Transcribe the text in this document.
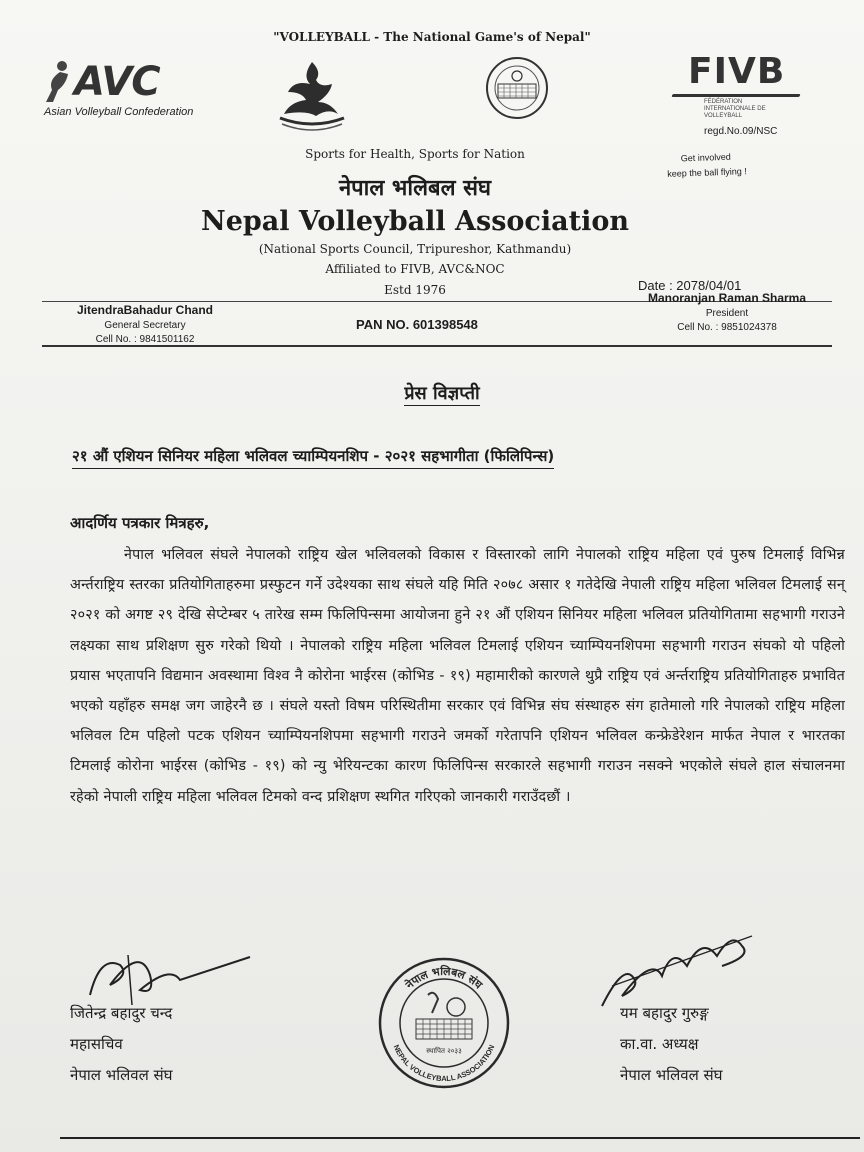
"VOLLEYBALL - The National Game's of Nepal"
AVC
Asian Volleyball Confederation
FIVB
FÉDÉRATION INTERNATIONALE DE VOLLEYBALL
regd.No.09/NSC
Get involved
keep the ball flying !
Sports for Health, Sports for Nation
नेपाल भलिबल संघ
Nepal Volleyball Association
(National Sports Council, Tripureshor, Kathmandu)
Affiliated to FIVB, AVC&NOC
Estd 1976	Date : 2078/04/01
JitendraBahadur Chand
General Secretary
Cell No. : 9841501162
PAN NO. 601398548
Manoranjan Raman Sharma
President
Cell No. : 9851024378
प्रेस विज्ञप्ती
२१ औं एशियन सिनियर महिला भलिवल च्याम्पियनशिप - २०२१ सहभागीता (फिलिपिन्स)
आदर्णिय पत्रकार मित्रहरु,
नेपाल भलिवल संघले नेपालको राष्ट्रिय खेल भलिवलको विकास र विस्तारको लागि नेपालको राष्ट्रिय महिला एवं पुरुष टिमलाई विभिन्न अर्न्तराष्ट्रिय स्तरका प्रतियोगिताहरुमा प्रस्फुटन गर्ने उदेश्यका साथ संघले यहि मिति २०७८ असार १ गतेदेखि नेपाली राष्ट्रिय महिला भलिवल टिमलाई सन् २०२१ को अगष्ट २९ देखि सेप्टेम्बर ५ तारेख सम्म फिलिपिन्समा आयोजना हुने २१ औं एशियन सिनियर महिला भलिवल प्रतियोगितामा सहभागी गराउने लक्ष्यका साथ प्रशिक्षण सुरु गरेको थियो । नेपालको राष्ट्रिय महिला भलिवल टिमलाई एशियन च्याम्पियनशिपमा सहभागी गराउन संघको यो पहिलो प्रयास भएतापनि विद्यमान अवस्थामा विश्व नै कोरोना भाईरस (कोभिड - १९) महामारीको कारणले थुप्रै राष्ट्रिय एवं अर्न्तराष्ट्रिय प्रतियोगिताहरु प्रभावित भएको यहाँहरु समक्ष जग जाहेरनै छ । संघले यस्तो विषम परिस्थितीमा सरकार एवं विभिन्न संघ संस्थाहरु संग हातेमालो गरि नेपालको राष्ट्रिय महिला भलिवल टिम पहिलो पटक एशियन च्याम्पियनशिपमा सहभागी गराउने जमर्को गरेतापनि एशियन भलिवल कन्फ्रेडेरेशन मार्फत नेपाल र भारतका टिमलाई कोरोना भाईरस (कोभिड - १९) को न्यु भेरियन्टका कारण फिलिपिन्स सरकारले सहभागी गराउन नसक्ने भएकोले संघले हाल संचालनमा रहेको नेपाली राष्ट्रिय महिला भलिवल टिमको वन्द प्रशिक्षण स्थगित गरिएको जानकारी गराउँदछौं ।
जितेन्द्र बहादुर चन्द
महासचिव
नेपाल भलिवल संघ
नेपाल भलिबल संघ
NEPAL VOLLEYBALL ASSOCIATION
स्थापित २०३३
यम बहादुर गुरुङ्ग
का.वा. अध्यक्ष
नेपाल भलिवल संघ
